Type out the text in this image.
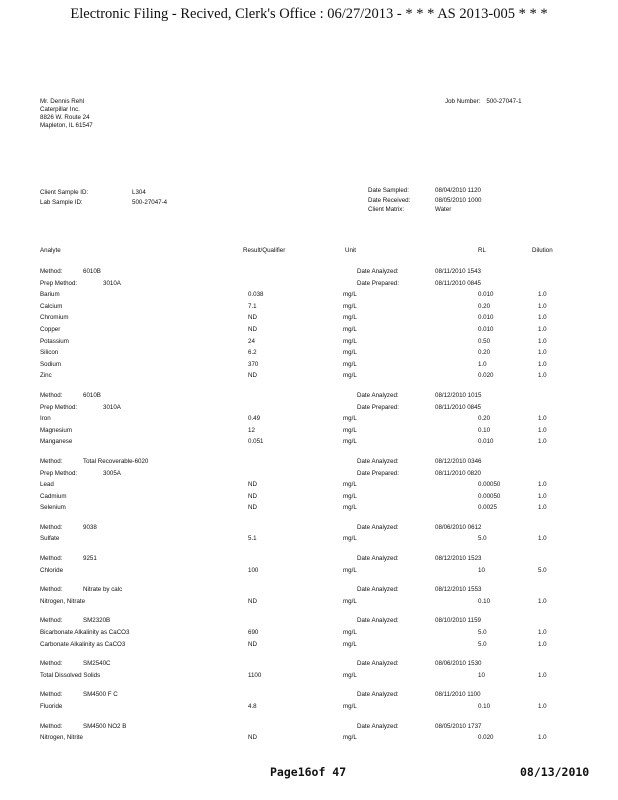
Electronic Filing - Recived, Clerk's Office : 06/27/2013 - * * * AS 2013-005 * * *
Mr. Dennis Rehl
Caterpillar Inc.
8826 W. Route 24
Mapleton, IL 61547
Job Number: 500-27047-1
Client Sample ID:	L304
Lab Sample ID:	500-27047-4
Date Sampled:	08/04/2010 1120
Date Received:	08/05/2010 1000
Client Matrix:	Water
Analyte	Result/Qualifier	Unit	RL	Dilution
Method:	6010B	Date Analyzed:	08/11/2010 1543
Prep Method:	3010A	Date Prepared:	08/11/2010 0845
Barium	0.038	mg/L	0.010	1.0
Calcium	7.1	mg/L	0.20	1.0
Chromium	ND	mg/L	0.010	1.0
Copper	ND	mg/L	0.010	1.0
Potassium	24	mg/L	0.50	1.0
Silicon	6.2	mg/L	0.20	1.0
Sodium	370	mg/L	1.0	1.0
Zinc	ND	mg/L	0.020	1.0
Method:	6010B	Date Analyzed:	08/12/2010 1015
Prep Method:	3010A	Date Prepared:	08/11/2010 0845
Iron	0.49	mg/L	0.20	1.0
Magnesium	12	mg/L	0.10	1.0
Manganese	0.051	mg/L	0.010	1.0
Method:	Total Recoverable-6020	Date Analyzed:	08/12/2010 0346
Prep Method:	3005A	Date Prepared:	08/11/2010 0820
Lead	ND	mg/L	0.00050	1.0
Cadmium	ND	mg/L	0.00050	1.0
Selenium	ND	mg/L	0.0025	1.0
Method:	9038	Date Analyzed:	08/06/2010 0612
Sulfate	5.1	mg/L	5.0	1.0
Method:	9251	Date Analyzed:	08/12/2010 1523
Chloride	100	mg/L	10	5.0
Method:	Nitrate by calc	Date Analyzed:	08/12/2010 1553
Nitrogen, Nitrate	ND	mg/L	0.10	1.0
Method:	SM2320B	Date Analyzed:	08/10/2010 1159
Bicarbonate Alkalinity as CaCO3	690	mg/L	5.0	1.0
Carbonate Alkalinity as CaCO3	ND	mg/L	5.0	1.0
Method:	SM2540C	Date Analyzed:	08/06/2010 1530
Total Dissolved Solids	1100	mg/L	10	1.0
Method:	SM4500 F C	Date Analyzed:	08/11/2010 1100
Fluoride	4.8	mg/L	0.10	1.0
Method:	SM4500 NO2 B	Date Analyzed:	08/05/2010 1737
Nitrogen, Nitrite	ND	mg/L	0.020	1.0
Page16of 47	08/13/2010
